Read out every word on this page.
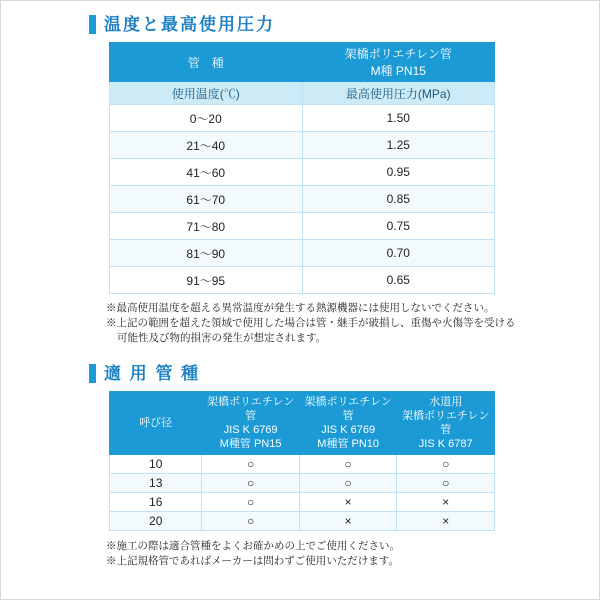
温度と最高使用圧力
管　種	架橋ポリエチレン管
M種 PN15

使用温度(℃)	最高使用圧力(MPa)
0〜20	1.50
21〜40	1.25
41〜60	0.95
61〜70	0.85
71〜80	0.75
81〜90	0.70
91〜95	0.65
※最高使用温度を超える異常温度が発生する熱源機器には使用しないでください。
※上記の範囲を超えた領域で使用した場合は管・継手が破損し、重傷や火傷等を受ける
可能性及び物的損害の発生が想定されます。
適 用 管 種
呼び径

架橋ポリエチレン管
JIS K 6769
M種管 PN15

架橋ポリエチレン管
JIS K 6769
M種管 PN10

水道用
架橋ポリエチレン管
JIS K 6787

10	○	○	○
13	○	○	○
16	○	×	×
20	○	×	×
※施工の際は適合管種をよくお確かめの上でご使用ください。
※上記規格管であればメーカーは問わずご使用いただけます。
